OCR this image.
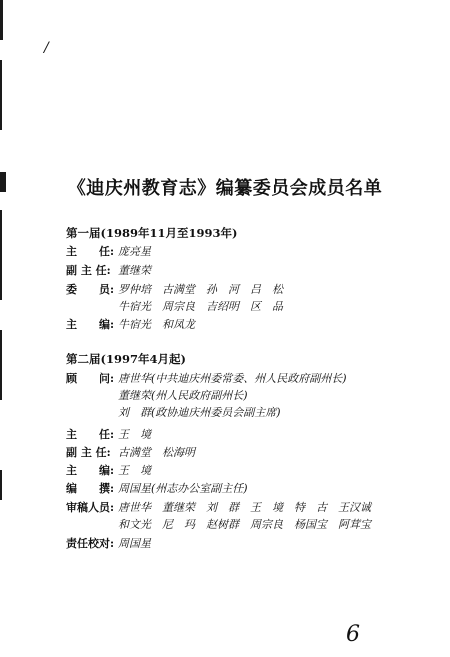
/
《迪庆州教育志》编纂委员会成员名单
第一届(1989年11月至1993年)
主　　任: 庞亮星
副 主 任: 董继荣
委　　员: 罗仲培　古满堂　孙　河　吕　松
牛宿光　周宗良　吉绍明　区　品
主　　编: 牛宿光　和凤龙
第二届(1997年4月起)
顾　　问: 唐世华(中共迪庆州委常委、州人民政府副州长)
董继荣(州人民政府副州长)
刘　群(政协迪庆州委员会副主席)
主　　任: 王　境
副 主 任: 古满堂　松海明
主　　编: 王　境
编　　撰: 周国星(州志办公室副主任)
审稿人员: 唐世华　董继荣　刘　群　王　境　特　古　王汉诚
和文光　尼　玛　赵树群　周宗良　杨国宝　阿茸宝
责任校对: 周国星
6
